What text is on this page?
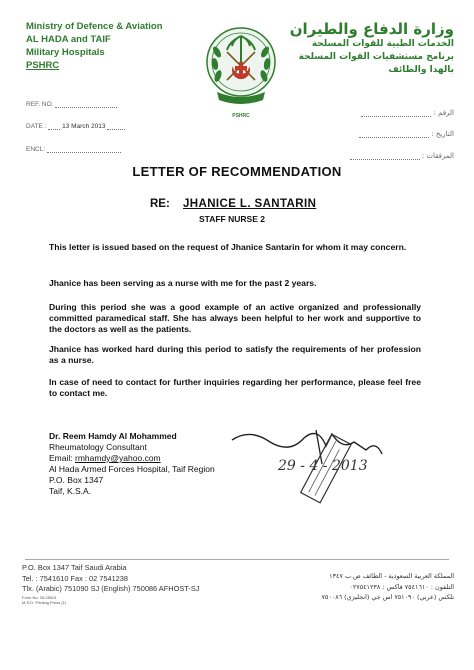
Ministry of Defence & Aviation
AL HADA and TAIF
Military Hospitals
PSHRC
وزارة الدفاع والطيران
الخدمات الطبية للقوات المسلحة
برنامج مستشفيات القوات المسلحة
بالهدا والطائف
PSHRC
REF. NO.
DATE : 13 March 2013
ENCL:
الرقم :
التاريخ :
المرفقات :
LETTER OF RECOMMENDATION
RE: JHANICE L. SANTARIN
STAFF NURSE 2
This letter is issued based on the request of Jhanice Santarin for whom it may concern.
Jhanice has been serving as a nurse with me for the past 2 years.
During this period she was a good example of an active organized and professionally committed paramedical staff. She has always been helpful to her work and supportive to the doctors as well as the patients.
Jhanice has worked hard during this period to satisfy the requirements of her profession as a nurse.
In case of need to contact for further inquiries regarding her performance, please feel free to contact me.
Dr. Reem Hamdy Al Mohammed
Rheumatology Consultant
Email: rmhamdy@yahoo.com
Al Hada Armed Forces Hospital, Taif Region
P.O. Box 1347
Taif, K.S.A.
29 - 4 - 2013
P.O. Box 1347 Taif Saudi Arabia
Tel. : 7541610 Fax : 02 7541238
Tlx. (Arabic) 751090 SJ (English) 750086 AFHOST-SJ
Form No. 35-05001
M.S.D. Printing Press (1)
المملكة العربية السعودية - الطائف ص.ب ١٣٤٧
التلفون : ٧٥٤١٦١٠ فاكس : ٠٢٧٥٤١٢٣٨
تلكس (عربي) ٧٥١٠٩٠ اس جي (انجليزي) ٧٥٠٠٨٦
